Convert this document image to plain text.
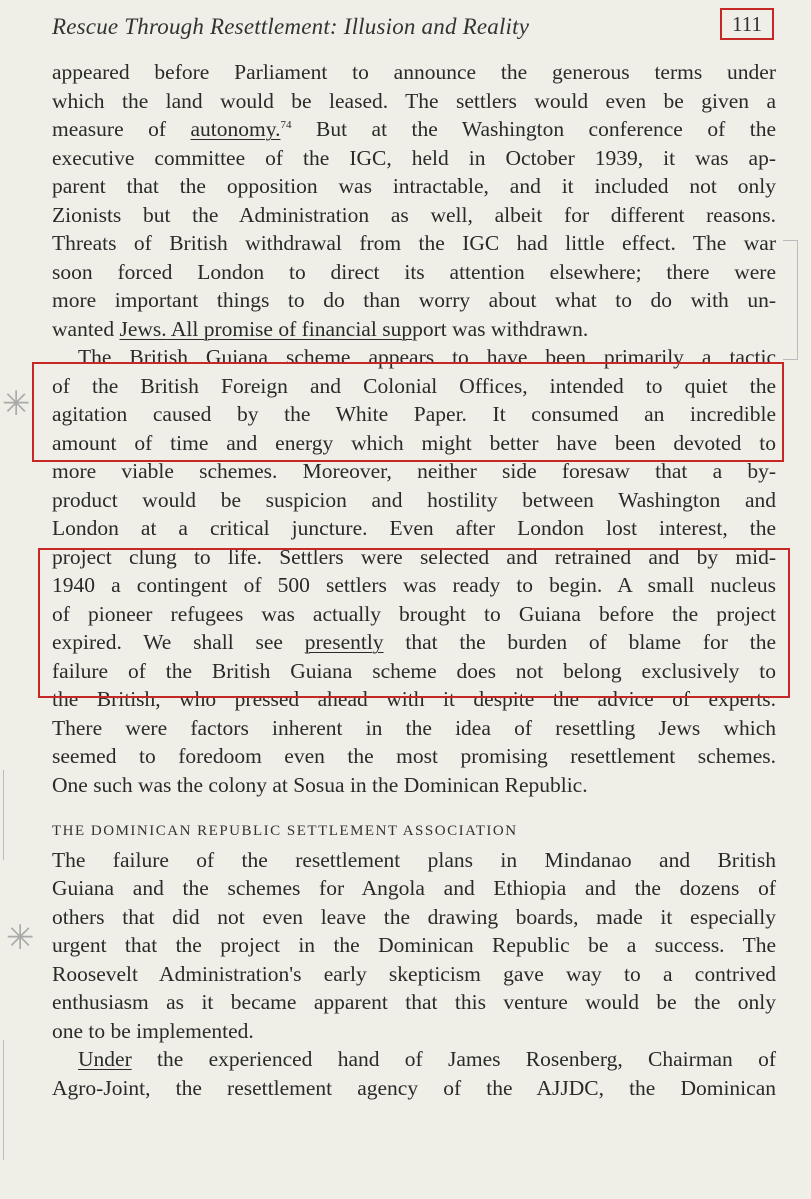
Rescue Through Resettlement: Illusion and Reality	111
✳
✳
appeared before Parliament to announce the generous terms under
which the land would be leased. The settlers would even be given a
measure of autonomy.$^{74}$ But at the Washington conference of the
executive committee of the IGC, held in October 1939, it was ap-
parent that the opposition was intractable, and it included not only
Zionists but the Administration as well, albeit for different reasons.
Threats of British withdrawal from the IGC had little effect. The war
soon forced London to direct its attention elsewhere; there were
more important things to do than worry about what to do with un-
wanted Jews. All promise of financial support was withdrawn.
The British Guiana scheme appears to have been primarily a tactic
of the British Foreign and Colonial Offices, intended to quiet the
agitation caused by the White Paper. It consumed an incredible
amount of time and energy which might better have been devoted to
more viable schemes. Moreover, neither side foresaw that a by-
product would be suspicion and hostility between Washington and
London at a critical juncture. Even after London lost interest, the
project clung to life. Settlers were selected and retrained and by mid-
1940 a contingent of 500 settlers was ready to begin. A small nucleus
of pioneer refugees was actually brought to Guiana before the project
expired. We shall see presently that the burden of blame for the
failure of the British Guiana scheme does not belong exclusively to
the British, who pressed ahead with it despite the advice of experts.
There were factors inherent in the idea of resettling Jews which
seemed to foredoom even the most promising resettlement schemes.
One such was the colony at Sosua in the Dominican Republic.
THE DOMINICAN REPUBLIC SETTLEMENT ASSOCIATION
The failure of the resettlement plans in Mindanao and British
Guiana and the schemes for Angola and Ethiopia and the dozens of
others that did not even leave the drawing boards, made it especially
urgent that the project in the Dominican Republic be a success. The
Roosevelt Administration's early skepticism gave way to a contrived
enthusiasm as it became apparent that this venture would be the only
one to be implemented.
Under the experienced hand of James Rosenberg, Chairman of
Agro-Joint, the resettlement agency of the AJJDC, the Dominican
